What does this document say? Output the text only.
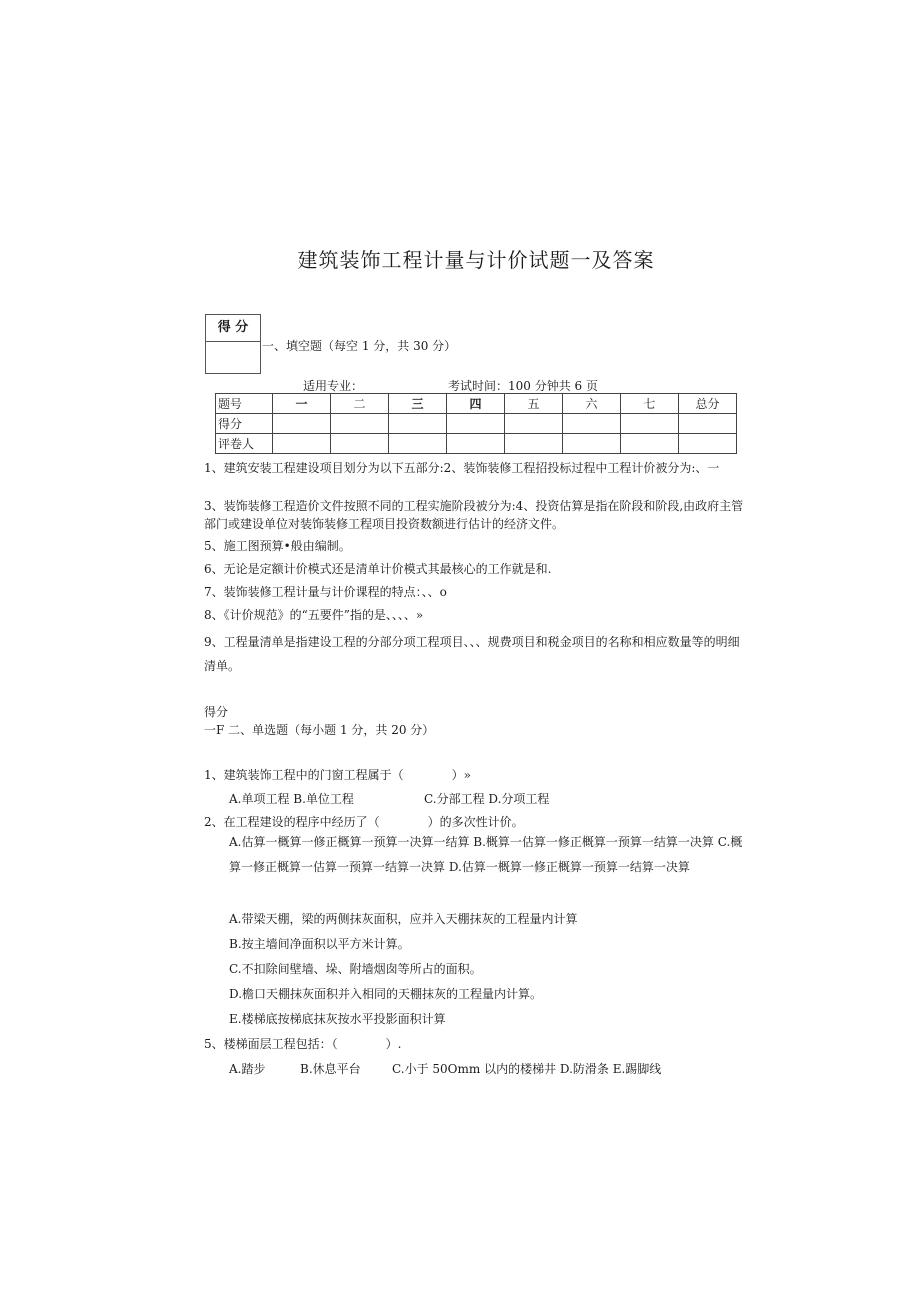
建筑装饰工程计量与计价试题一及答案
得 分
一、填空题（每空 1 分，共 30 分）
适用专业：	考试时间：100 分钟共 6 页
题号	一	二	三	四	五	六	七	总分
得分								
评卷人								
1、建筑安装工程建设项目划分为以下五部分:2、装饰装修工程招投标过程中工程计价被分为:、一
3、装饰装修工程造价文件按照不同的工程实施阶段被分为:4、投资估算是指在阶段和阶段,由政府主管部门或建设单位对装饰装修工程项目投资数额进行估计的经济文件。
5、施工图预算•般由编制。
6、无论是定额计价模式还是清单计价模式其最核心的工作就是和.
7、装饰装修工程计量与计价课程的特点：、、o
8、《计价规范》的“五要件”指的是、、、、»
9、工程量清单是指建设工程的分部分项工程项目、、、规费项目和税金项目的名称和相应数量等的明细清单。
得分
一F 二、单选题（每小题 1 分，共 20 分）
1、建筑装饰工程中的门窗工程属于（　　　　）»
A.单项工程 B.单位工程	C.分部工程 D.分项工程
2、在工程建设的程序中经历了（　　　　）的多次性计价。
A.估算一概算一修正概算一预算一决算一结算 B.概算一估算一修正概算一预算一结算一决算 C.概算一修正概算一估算一预算一结算一决算 D.估算一概算一修正概算一预算一结算一决算
A.带梁天棚，梁的两侧抹灰面积，应并入天棚抹灰的工程量内计算
B.按主墙间净面积以平方米计算。
C.不扣除间壁墙、垛、附墙烟囱等所占的面积。
D.檐口天棚抹灰面积并入相同的天棚抹灰的工程量内计算。
E.楼梯底按梯底抹灰按水平投影面积计算
5、楼梯面层工程包括：（　　　　）.
A.踏步	B.休息平台	C.小于 50Omm 以内的楼梯井 D.防滑条 E.踢脚线
